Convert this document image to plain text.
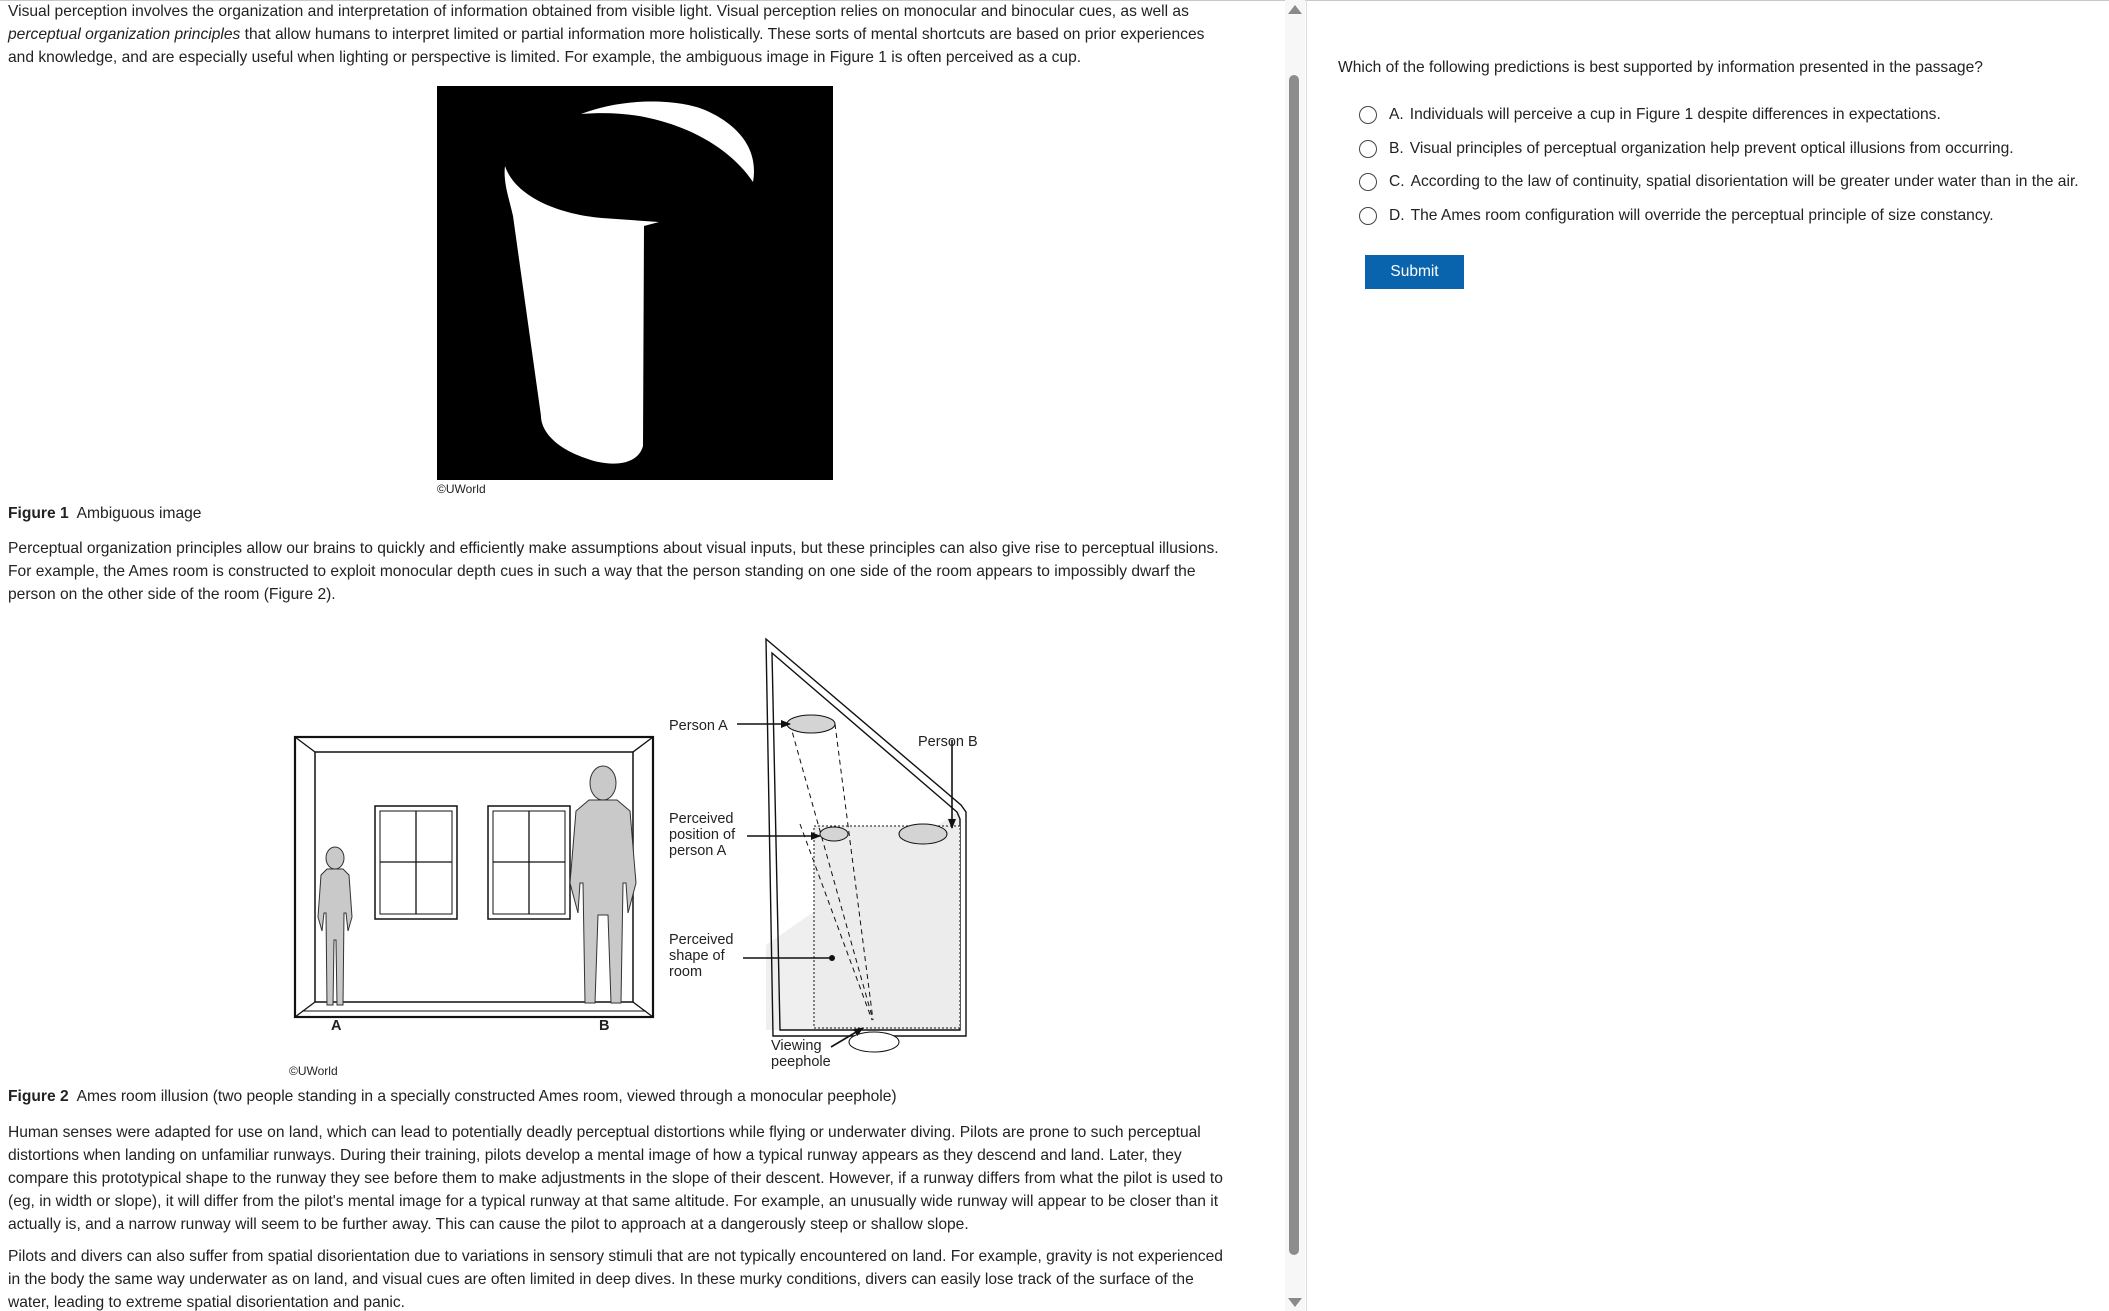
Visual perception involves the organization and interpretation of information obtained from visible light. Visual perception relies on monocular and binocular cues, as well as
perceptual organization principles that allow humans to interpret limited or partial information more holistically. These sorts of mental shortcuts are based on prior experiences
and knowledge, and are especially useful when lighting or perspective is limited. For example, the ambiguous image in Figure 1 is often perceived as a cup.

©UWorld
Figure 1 Ambiguous image

Perceptual organization principles allow our brains to quickly and efficiently make assumptions about visual inputs, but these principles can also give rise to perceptual illusions.
For example, the Ames room is constructed to exploit monocular depth cues in such a way that the person standing on one side of the room appears to impossibly dwarf the
person on the other side of the room (Figure 2).

A	B
Person A
Person B
Perceived
position of
person A
Perceived
shape of
room
Viewing
peephole
©UWorld
Figure 2 Ames room illusion (two people standing in a specially constructed Ames room, viewed through a monocular peephole)

Human senses were adapted for use on land, which can lead to potentially deadly perceptual distortions while flying or underwater diving. Pilots are prone to such perceptual
distortions when landing on unfamiliar runways. During their training, pilots develop a mental image of how a typical runway appears as they descend and land. Later, they
compare this prototypical shape to the runway they see before them to make adjustments in the slope of their descent. However, if a runway differs from what the pilot is used to
(eg, in width or slope), it will differ from the pilot's mental image for a typical runway at that same altitude. For example, an unusually wide runway will appear to be closer than it
actually is, and a narrow runway will seem to be further away. This can cause the pilot to approach at a dangerously steep or shallow slope.

Pilots and divers can also suffer from spatial disorientation due to variations in sensory stimuli that are not typically encountered on land. For example, gravity is not experienced
in the body the same way underwater as on land, and visual cues are often limited in deep dives. In these murky conditions, divers can easily lose track of the surface of the
water, leading to extreme spatial disorientation and panic.

Which of the following predictions is best supported by information presented in the passage?
A. Individuals will perceive a cup in Figure 1 despite differences in expectations.
B. Visual principles of perceptual organization help prevent optical illusions from occurring.
C. According to the law of continuity, spatial disorientation will be greater under water than in the air.
D. The Ames room configuration will override the perceptual principle of size constancy.
Submit
